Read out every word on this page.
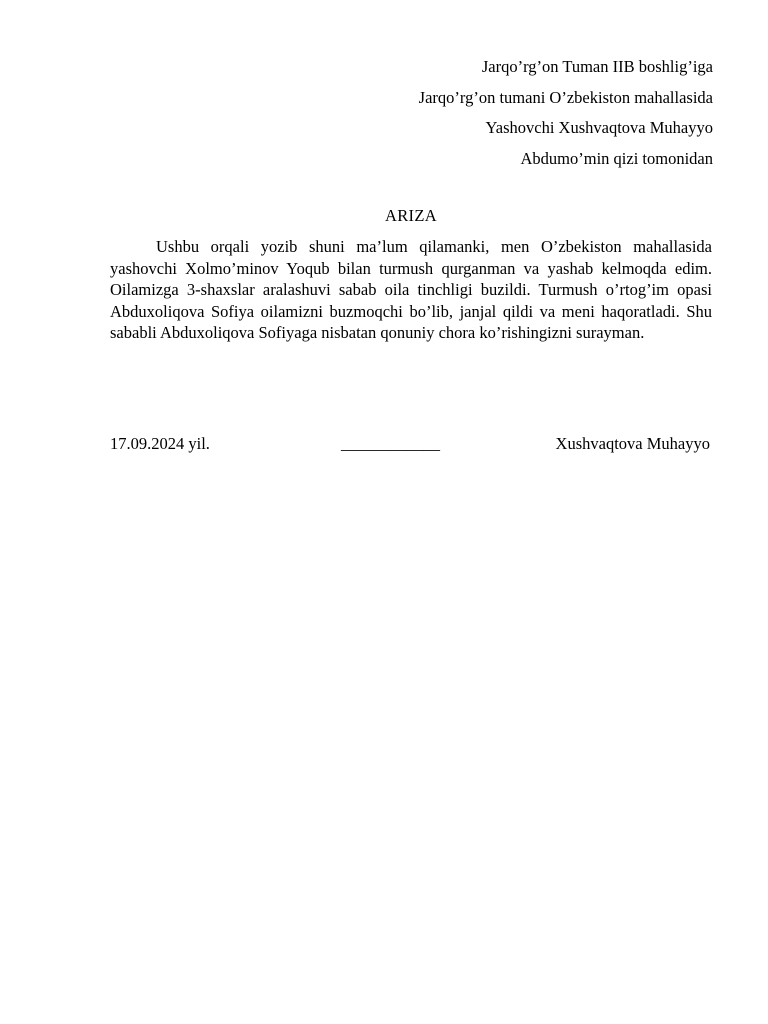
Jarqo’rg’on Tuman IIB boshlig’iga
Jarqo’rg’on tumani O’zbekiston mahallasida
Yashovchi Xushvaqtova Muhayyo
Abdumo’min qizi tomonidan
ARIZA
Ushbu orqali yozib shuni ma’lum qilamanki, men O’zbekiston mahallasida yashovchi Xolmo’minov Yoqub bilan turmush qurganman va yashab kelmoqda edim. Oilamizga 3-shaxslar aralashuvi sabab oila tinchligi buzildi. Turmush o’rtog’im opasi Abduxoliqova Sofiya oilamizni buzmoqchi bo’lib, janjal qildi va meni haqoratladi. Shu sababli Abduxoliqova Sofiyaga nisbatan qonuniy chora ko’rishingizni surayman.
17.09.2024 yil.	____________	Xushvaqtova Muhayyo
